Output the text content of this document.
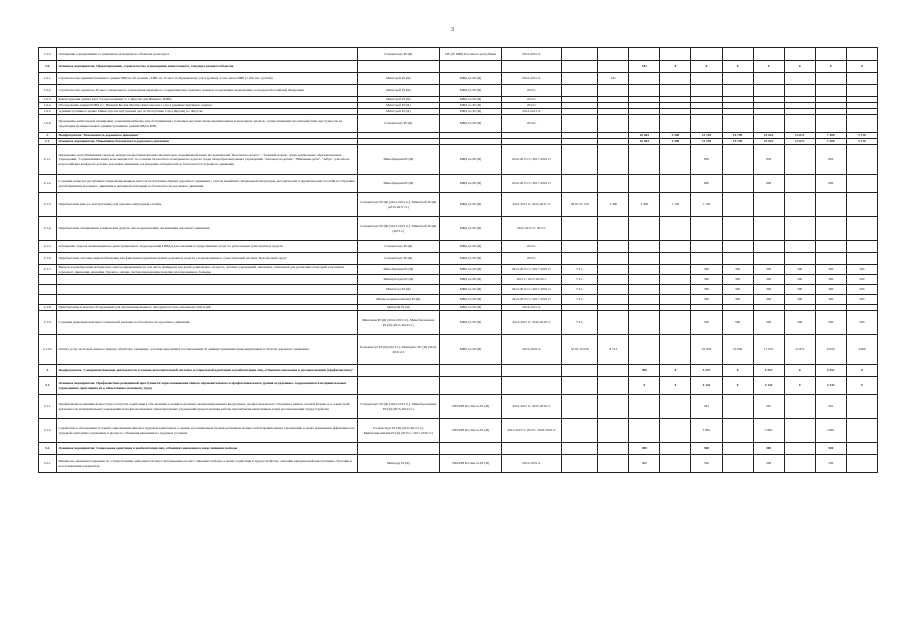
3
1.5.3.	Оснащение ограждениями со знаками прохождения по объектам транспорта	Госкомспорт РС(Я)	СВ ДУ МВД России по республике	2012-2015 гг.										
1.6.	Основное мероприятие: Проектирование, строительство и проведение капитального, текущего ремонта объектов						181	0	0	0	0	0	0	0
1.6.1.	Строительство административного здания ОВД на 30 человек с ИВС на 15 мест по Будаевскому улусу (район), в том числе ПИР (1 100 тыс. рублей)	Минстрой РС(Я)	МВД по РС(Я)	2012-2015 гг.		181								
1.6.2.	Строительство здания на 30 мест специального учреждения временного содержания иностранных граждан, подлежащих выдворению за пределы Российской Федерации	Минстрой РС(Я)	МВД по РС(Я)	2012 г.										
1.6.3.	Реконструкция здания ЗАО "Сельхозтехника" в г. Якутске для Нижнего РОВД	Минстрой РС(Я)	МВД по РС(Я)	2012 г.										
1.6.4.	Обследование здания РОВД в с. Нижний Бестях Мегино-Кангаласского улуса (административное здание)	Минстрой РС(Я)	МВД по РС(Я)	2012 г.										
1.6.5.	Административное здание Министерства внутренних дел по Республике Саха (Якутия) в г. Якутске	Минстрой РС(Я)	МВД по РС(Я)	2012-2013 гг.										
1.6.6.	Проведение капитальной планировки, оснащения мебелью для обслуживания с помощью местных правоохранительных и надзорных органов, осуществляющих противодействие преступности на территории муниципальных административных зданий ОВД и ИВС	Госкомспорт РС(Я)	МВД по РС(Я)	2014 г.										
2.	Подпрограмма "Безопасность дорожного движения"						10 603	2 490	21 159	19 799	15 022	13 672	7 200	5 710
2.1.	Основное мероприятие: Повышение безопасности дорожного движения						10 603	2 490	21 159	19 799	15 022	13 672	7 200	5 710
2.1.1.	Проведение республиканских смотров, конкурсов-фестивалей юных инспекторов, передвижной юных исследователей "Безопасное колесо", "Зеленый огонек" среди дошкольных образовательных учреждений, "Соревнования юных велосипедистов" по основам безопасного поведения на дорогах среди общеобразовательных учреждений, "Автокресло-детям", "Внимание-дети", "Зебра", участие во всероссийских конкурсах детских дорожных движения, награждение победителей по безопасности дорожного движения	Минобрнауки РС(Я)	МВД по РС(Я)	2012-2015 гг.; 2017-2019 гг.					850		850		850	
2.1.2.	Создание в школах республики специализированных классов по изучению Правил дорожного движения с учетом новейших специальной литературы, методических и дидактических пособий по обучению детей Правилам дорожного движения и наглядной агитацией по безопасности дорожного движения	Минобрнауки РС(Я)	МВД по РС(Я)	2012-2015 гг.; 2017-2019 гг.					600		600		600	
2.1.3.	Приобретение (ввод в эксплуатацию) для дорожно-патрульной службы	Госкомспорт РС(Я) (2012-2015 гг.), Минстрой РС(Я) (2015-2017 гг.)	МВД по РС(Я)	2012-2013 гг. 2015-2017 гг.	29 05 55 150	2 490	2 490	7 150	7 150					
2.1.4.	Приобретение специальных технических средств для подразделений, организации дорожного движения	Госкомспорт РС(Я) (2012-2013 гг.), Минстрой РС(Я) (2015 г.)	МВД по РС(Я)	2012-2013 гг. 2015 г.										
2.1.5.	Оснащение отделов экзаменационно-регистрационного подразделения ГИБДД для оказания государственных услуг по регистрации транспортных средств	Госкомспорт РС(Я)	МВД по РС(Я)	2013 г.										
2.1.6.	Приобретение системы видеонаблюдения для фиксации нарушения правил дорожных средств с подключением к существующей системе "Безопасный город"	Госкомспорт РС(Я)	МВД по РС(Я)	2013 г.										
2.1.7.	Выпуск и приобретение материалов: световозвращающих (в том числе фликеров) для детей дошкольного возраста, детских учреждений, школьных спектаклей для различных категорий участников дорожного движения, наклейки, буклеты, значки, световозвращающие изделия для школьников, баннеры	Минобрнауки РС(Я)	МВД по РС(Я)	2014-2015 гг.; 2017-2019 гг.	7.3.1.				300	300	300	300	300	300
		Минкультуры РС(Я)	МВД по РС(Я)	2015 г.; 2017-2019 гг.	7.3.1.				300	300	300	300	300	300
		Минспорт РС(Я)	МВД по РС(Я)	2014-2015 гг.; 2017-2019 гг.	7.3.1.				300	300	300	300	300	300
		Минмолодежьполитики РС(Я)	МВД по РС(Я)	2014-2015 гг.; 2017-2019 гг.	7.3.1.				300	300	300	300	300	300
2.1.8.	Приобретение и монтаж оборудования для автоматизированного автодрома на базе автошколы ДОСААФ	Минтрой РС(Я)	МВД по РС(Я)	2014-2015 гг.										
2.1.9.	Создание аудиовидеоконтента социальной рекламы по безопасности дорожного движения	Минсвязи РС(Я) (2014-2015 гг.), Минобразование РС(Я) (2017-2019 гг.)	МВД по РС(Я)	2014-2015 гг. 2016-2019 гг.	7.3.1.				500	500	500	500	500	500
2.1.10.	Оплата услуг почтовой связи по приему, обработке, хранению, доставке (вручению) постановлений об административных правонарушениях в области дорожного движения	Госкомспорт РС(Я) (2015 г.), Минтранс РС (Я) (2016-2019 гг.)	МВД по РС(Я)	2015-2019 гг.	33 02 12 030	8 113			10 659	10 659	11 972	11 872	6 050	4 660
3.	Подпрограмма "Совершенствование деятельности уголовно-исполнительной системы и социальной адаптации и реабилитации лиц, отбывших наказание и ресоциализации (профилактика)"						490	0	5 257	0	5 257	0	5 257	0
3.1.	Основное мероприятие: Профилактика рецидивной преступности через повышение общего образовательного и профессионального уровня осужденных, содержащихся в исправительных учреждениях, приучению их к общественно-полезному труду						0	0	4 142	0	4 142	0	4 142	0
3.1.1.	Профилактика рецидивной преступности путем содействия в обеспечении условий получения специализированных внеурочных, профессионального обучения в рамках сетевой формы, и в совместной деятельности исправительных учреждений и профессиональных образовательных учреждений предоставление работы при выбытии выпускников и при ресоциализации трудоустройства	Госкомспорт РС(Я) (2012-2013 гг.), Минобразование РС(Я) (2015-2019 гг.)	УФСИН России по РС(Я)	2012-2015 гг. 2015-2019 гг.					261		261		261	
3.1.2.	Содействие в обеспечении условий социализации Центров трудовой адаптации и создание и расширенных производственных мощностей исправительных учреждений, в целях повышения эффективности трудовой адаптации осужденных в процессе отбывания наказания на трудовых условиях	Госкомспорт РС(Я) (2012-2013 гг.), Минпромразвития РС(Я) (2015 г.; 2017-2019 гг.)	УФСИН России по РС(Я)	2012-2013 гг. 2015 г. 2018-2019 гг.					3 881		3 881		3 881	
3.2.	Основное мероприятие: Социальная адаптация и реабилитация лиц, отбывших наказание в виде лишения свободы						490		500		500		500	
3.2.1.	Финансово-правовая поддержка по осуществлению деятельности лиц освобожденных из мест лишения свободы, в целях содействия в трудоустройстве, оказании юридической консультации, обучении и восстановлении документов	Минтруд РС(Я)	УФСИН России по РС(Я)	2012-2019 гг.			490		500		500		500	
